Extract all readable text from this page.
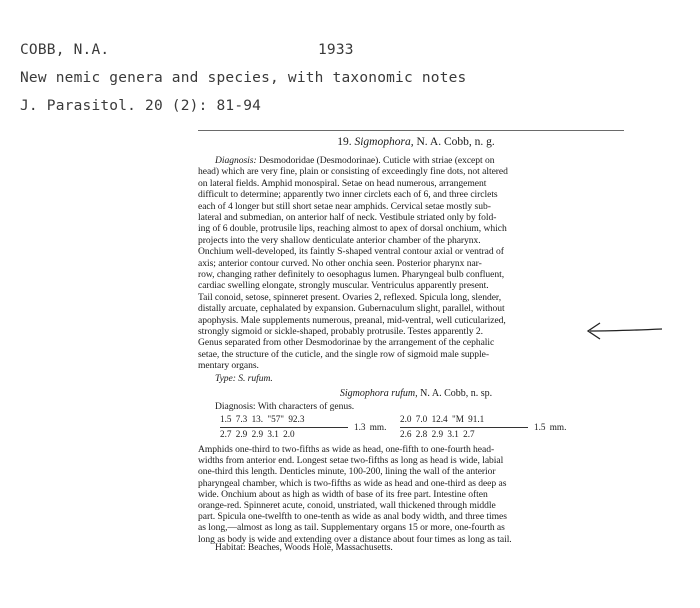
COBB, N.A.	1933
New nemic genera and species, with taxonomic notes
J. Parasitol. 20 (2): 81-94
19. Sigmophora, N. A. Cobb, n. g.
Diagnosis: Desmodoridae (Desmodorinae). Cuticle with striae (except on
head) which are very fine, plain or consisting of exceedingly fine dots, not altered
on lateral fields. Amphid monospiral. Setae on head numerous, arrangement
difficult to determine; apparently two inner circlets each of 6, and three circlets
each of 4 longer but still short setae near amphids. Cervical setae mostly sub-
lateral and submedian, on anterior half of neck. Vestibule striated only by fold-
ing of 6 double, protrusile lips, reaching almost to apex of dorsal onchium, which
projects into the very shallow denticulate anterior chamber of the pharynx.
Onchium well-developed, its faintly S-shaped ventral contour axial or ventrad of
axis; anterior contour curved. No other onchia seen. Posterior pharynx nar-
row, changing rather definitely to oesophagus lumen. Pharyngeal bulb confluent,
cardiac swelling elongate, strongly muscular. Ventriculus apparently present.
Tail conoid, setose, spinneret present. Ovaries 2, reflexed. Spicula long, slender,
distally arcuate, cephalated by expansion. Gubernaculum slight, parallel, without
apophysis. Male supplements numerous, preanal, mid-ventral, well cuticularized,
strongly sigmoid or sickle-shaped, probably protrusile. Testes apparently 2.
Genus separated from other Desmodorinae by the arrangement of the cephalic
setae, the structure of the cuticle, and the single row of sigmoid male supple-
mentary organs.
Type: S. rufum.
Sigmophora rufum, N. A. Cobb, n. sp.
Diagnosis: With characters of genus.
1.5 7.3 13. "57" 92.3
2.7 2.9 2.9 3.1 2.0
1.3 mm.
2.0 7.0 12.4 "M 91.1
2.6 2.8 2.9 3.1 2.7
1.5 mm.
Amphids one-third to two-fifths as wide as head, one-fifth to one-fourth head-
widths from anterior end. Longest setae two-fifths as long as head is wide, labial
one-third this length. Denticles minute, 100-200, lining the wall of the anterior
pharyngeal chamber, which is two-fifths as wide as head and one-third as deep as
wide. Onchium about as high as width of base of its free part. Intestine often
orange-red. Spinneret acute, conoid, unstriated, wall thickened through middle
part. Spicula one-twelfth to one-tenth as wide as anal body width, and three times
as long,—almost as long as tail. Supplementary organs 15 or more, one-fourth as
long as body is wide and extending over a distance about four times as long as tail.
Habitat: Beaches, Woods Hole, Massachusetts.
